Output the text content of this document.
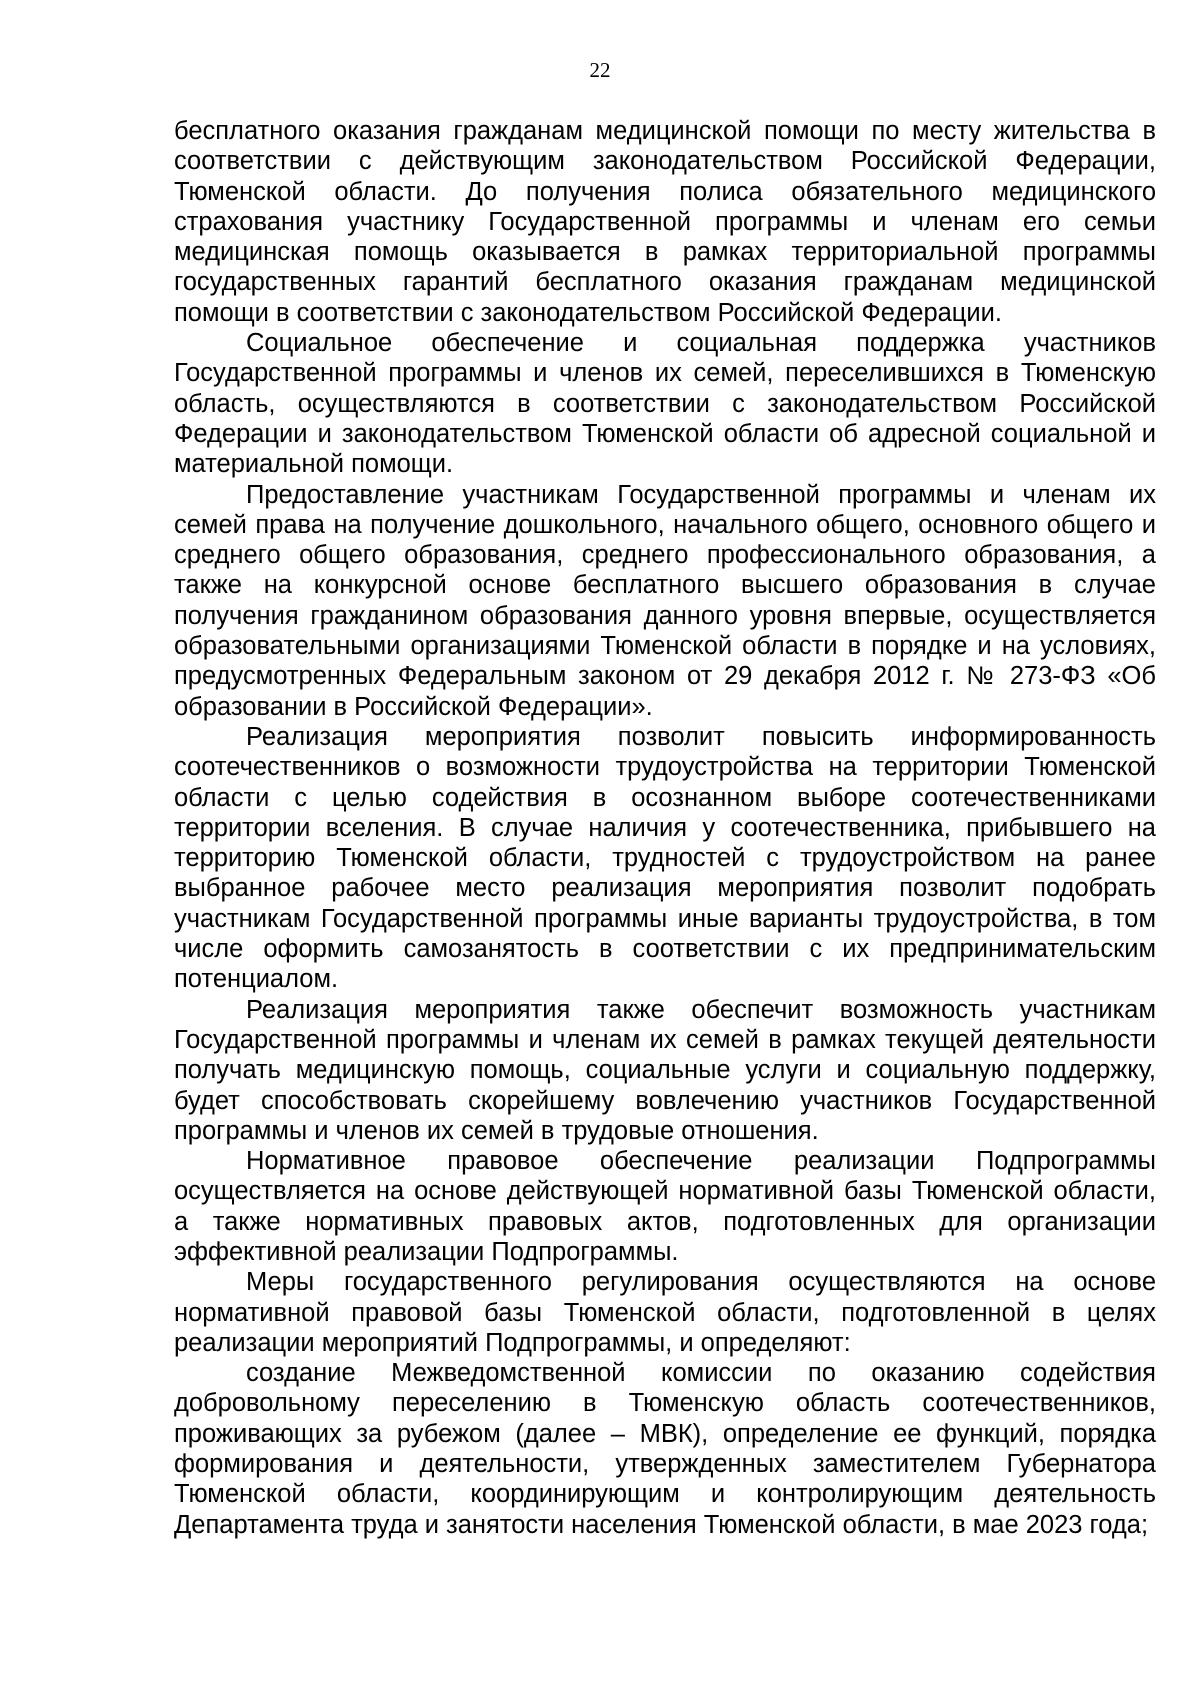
22

бесплатного оказания гражданам медицинской помощи по месту жительства в соответствии с действующим законодательством Российской Федерации, Тюменской области. До получения полиса обязательного медицинского страхования участнику Государственной программы и членам его семьи медицинская помощь оказывается в рамках территориальной программы государственных гарантий бесплатного оказания гражданам медицинской помощи в соответствии с законодательством Российской Федерации.

Социальное обеспечение и социальная поддержка участников Государственной программы и членов их семей, переселившихся в Тюменскую область, осуществляются в соответствии с законодательством Российской Федерации и законодательством Тюменской области об адресной социальной и материальной помощи.

Предоставление участникам Государственной программы и членам их семей права на получение дошкольного, начального общего, основного общего и среднего общего образования, среднего профессионального образования, а также на конкурсной основе бесплатного высшего образования в случае получения гражданином образования данного уровня впервые, осуществляется образовательными организациями Тюменской области в порядке и на условиях, предусмотренных Федеральным законом от 29 декабря 2012 г. № 273-ФЗ «Об образовании в Российской Федерации».

Реализация мероприятия позволит повысить информированность соотечественников о возможности трудоустройства на территории Тюменской области с целью содействия в осознанном выборе соотечественниками территории вселения. В случае наличия у соотечественника, прибывшего на территорию Тюменской области, трудностей с трудоустройством на ранее выбранное рабочее место реализация мероприятия позволит подобрать участникам Государственной программы иные варианты трудоустройства, в том числе оформить самозанятость в соответствии с их предпринимательским потенциалом.

Реализация мероприятия также обеспечит возможность участникам Государственной программы и членам их семей в рамках текущей деятельности получать медицинскую помощь, социальные услуги и социальную поддержку, будет способствовать скорейшему вовлечению участников Государственной программы и членов их семей в трудовые отношения.

Нормативное правовое обеспечение реализации Подпрограммы осуществляется на основе действующей нормативной базы Тюменской области, а также нормативных правовых актов, подготовленных для организации эффективной реализации Подпрограммы.

Меры государственного регулирования осуществляются на основе нормативной правовой базы Тюменской области, подготовленной в целях реализации мероприятий Подпрограммы, и определяют:

создание Межведомственной комиссии по оказанию содействия добровольному переселению в Тюменскую область соотечественников, проживающих за рубежом (далее – МВК), определение ее функций, порядка формирования и деятельности, утвержденных заместителем Губернатора Тюменской области, координирующим и контролирующим деятельность Департамента труда и занятости населения Тюменской области, в мае 2023 года;
